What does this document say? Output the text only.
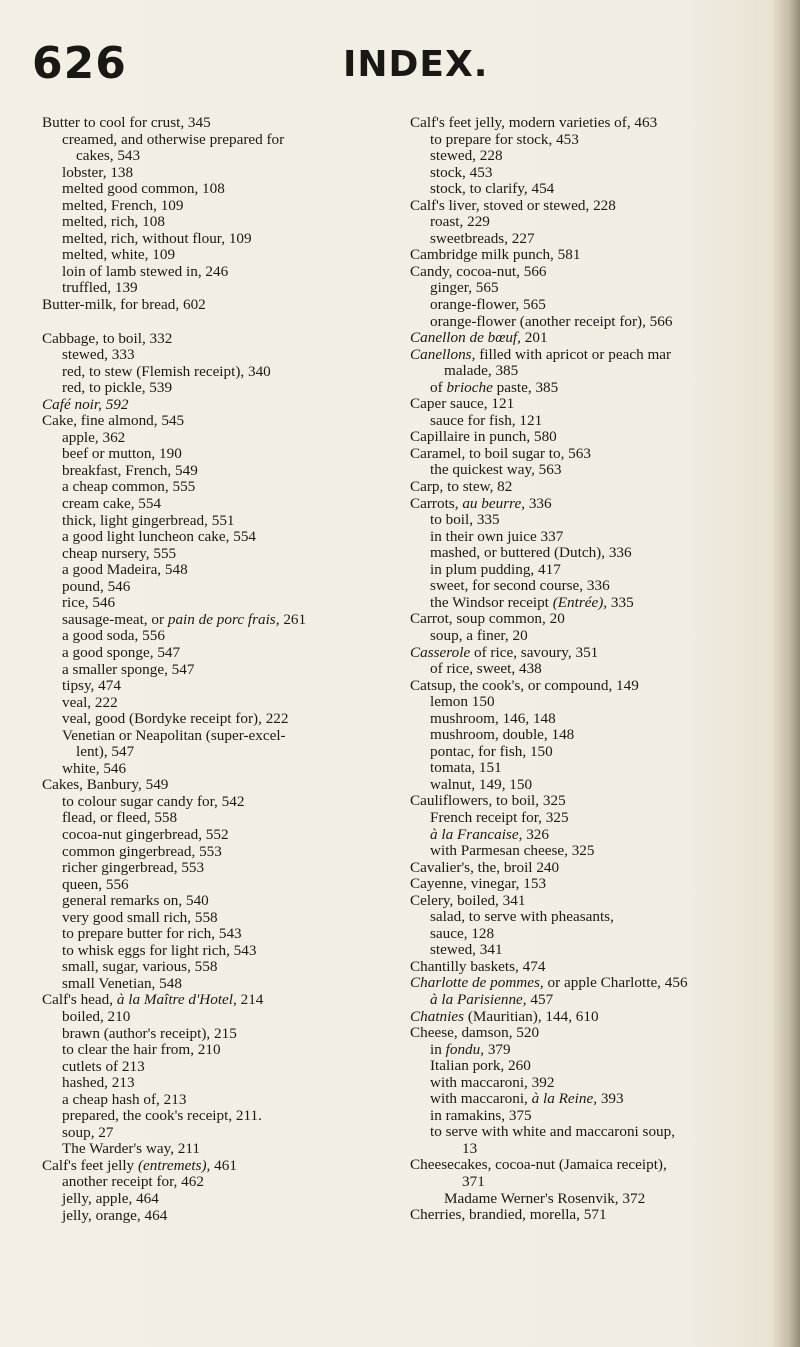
626	INDEX.
Butter to cool for crust, 345
creamed, and otherwise prepared for
cakes, 543
lobster, 138
melted good common, 108
melted, French, 109
melted, rich, 108
melted, rich, without flour, 109
melted, white, 109
loin of lamb stewed in, 246
truffled, 139
Butter-milk, for bread, 602
Cabbage, to boil, 332
stewed, 333
red, to stew (Flemish receipt), 340
red, to pickle, 539
Café noir, 592
Cake, fine almond, 545
apple, 362
beef or mutton, 190
breakfast, French, 549
a cheap common, 555
cream cake, 554
thick, light gingerbread, 551
a good light luncheon cake, 554
cheap nursery, 555
a good Madeira, 548
pound, 546
rice, 546
sausage-meat, or pain de porc frais, 261
a good soda, 556
a good sponge, 547
a smaller sponge, 547
tipsy, 474
veal, 222
veal, good (Bordyke receipt for), 222
Venetian or Neapolitan (super-excel-
lent), 547
white, 546
Cakes, Banbury, 549
to colour sugar candy for, 542
flead, or fleed, 558
cocoa-nut gingerbread, 552
common gingerbread, 553
richer gingerbread, 553
queen, 556
general remarks on, 540
very good small rich, 558
to prepare butter for rich, 543
to whisk eggs for light rich, 543
small, sugar, various, 558
small Venetian, 548
Calf's head, à la Maître d'Hotel, 214
boiled, 210
brawn (author's receipt), 215
to clear the hair from, 210
cutlets of 213
hashed, 213
a cheap hash of, 213
prepared, the cook's receipt, 211.
soup, 27
The Warder's way, 211
Calf's feet jelly (entremets), 461
another receipt for, 462
jelly, apple, 464
jelly, orange, 464
Calf's feet jelly, modern varieties of, 463
to prepare for stock, 453
stewed, 228
stock, 453
stock, to clarify, 454
Calf's liver, stoved or stewed, 228
roast, 229
sweetbreads, 227
Cambridge milk punch, 581
Candy, cocoa-nut, 566
ginger, 565
orange-flower, 565
orange-flower (another receipt for), 566
Canellon de bœuf, 201
Canellons, filled with apricot or peach mar
malade, 385
of brioche paste, 385
Caper sauce, 121
sauce for fish, 121
Capillaire in punch, 580
Caramel, to boil sugar to, 563
the quickest way, 563
Carp, to stew, 82
Carrots, au beurre, 336
to boil, 335
in their own juice 337
mashed, or buttered (Dutch), 336
in plum pudding, 417
sweet, for second course, 336
the Windsor receipt (Entrée), 335
Carrot, soup common, 20
soup, a finer, 20
Casserole of rice, savoury, 351
of rice, sweet, 438
Catsup, the cook's, or compound, 149
lemon 150
mushroom, 146, 148
mushroom, double, 148
pontac, for fish, 150
tomata, 151
walnut, 149, 150
Cauliflowers, to boil, 325
French receipt for, 325
à la Francaise, 326
with Parmesan cheese, 325
Cavalier's, the, broil 240
Cayenne, vinegar, 153
Celery, boiled, 341
salad, to serve with pheasants,
sauce, 128
stewed, 341
Chantilly baskets, 474
Charlotte de pommes, or apple Charlotte, 456
à la Parisienne, 457
Chatnies (Mauritian), 144, 610
Cheese, damson, 520
in fondu, 379
Italian pork, 260
with maccaroni, 392
with maccaroni, à la Reine, 393
in ramakins, 375
to serve with white and maccaroni soup,
13
Cheesecakes, cocoa-nut (Jamaica receipt),
371
Madame Werner's Rosenvik, 372
Cherries, brandied, morella, 571
